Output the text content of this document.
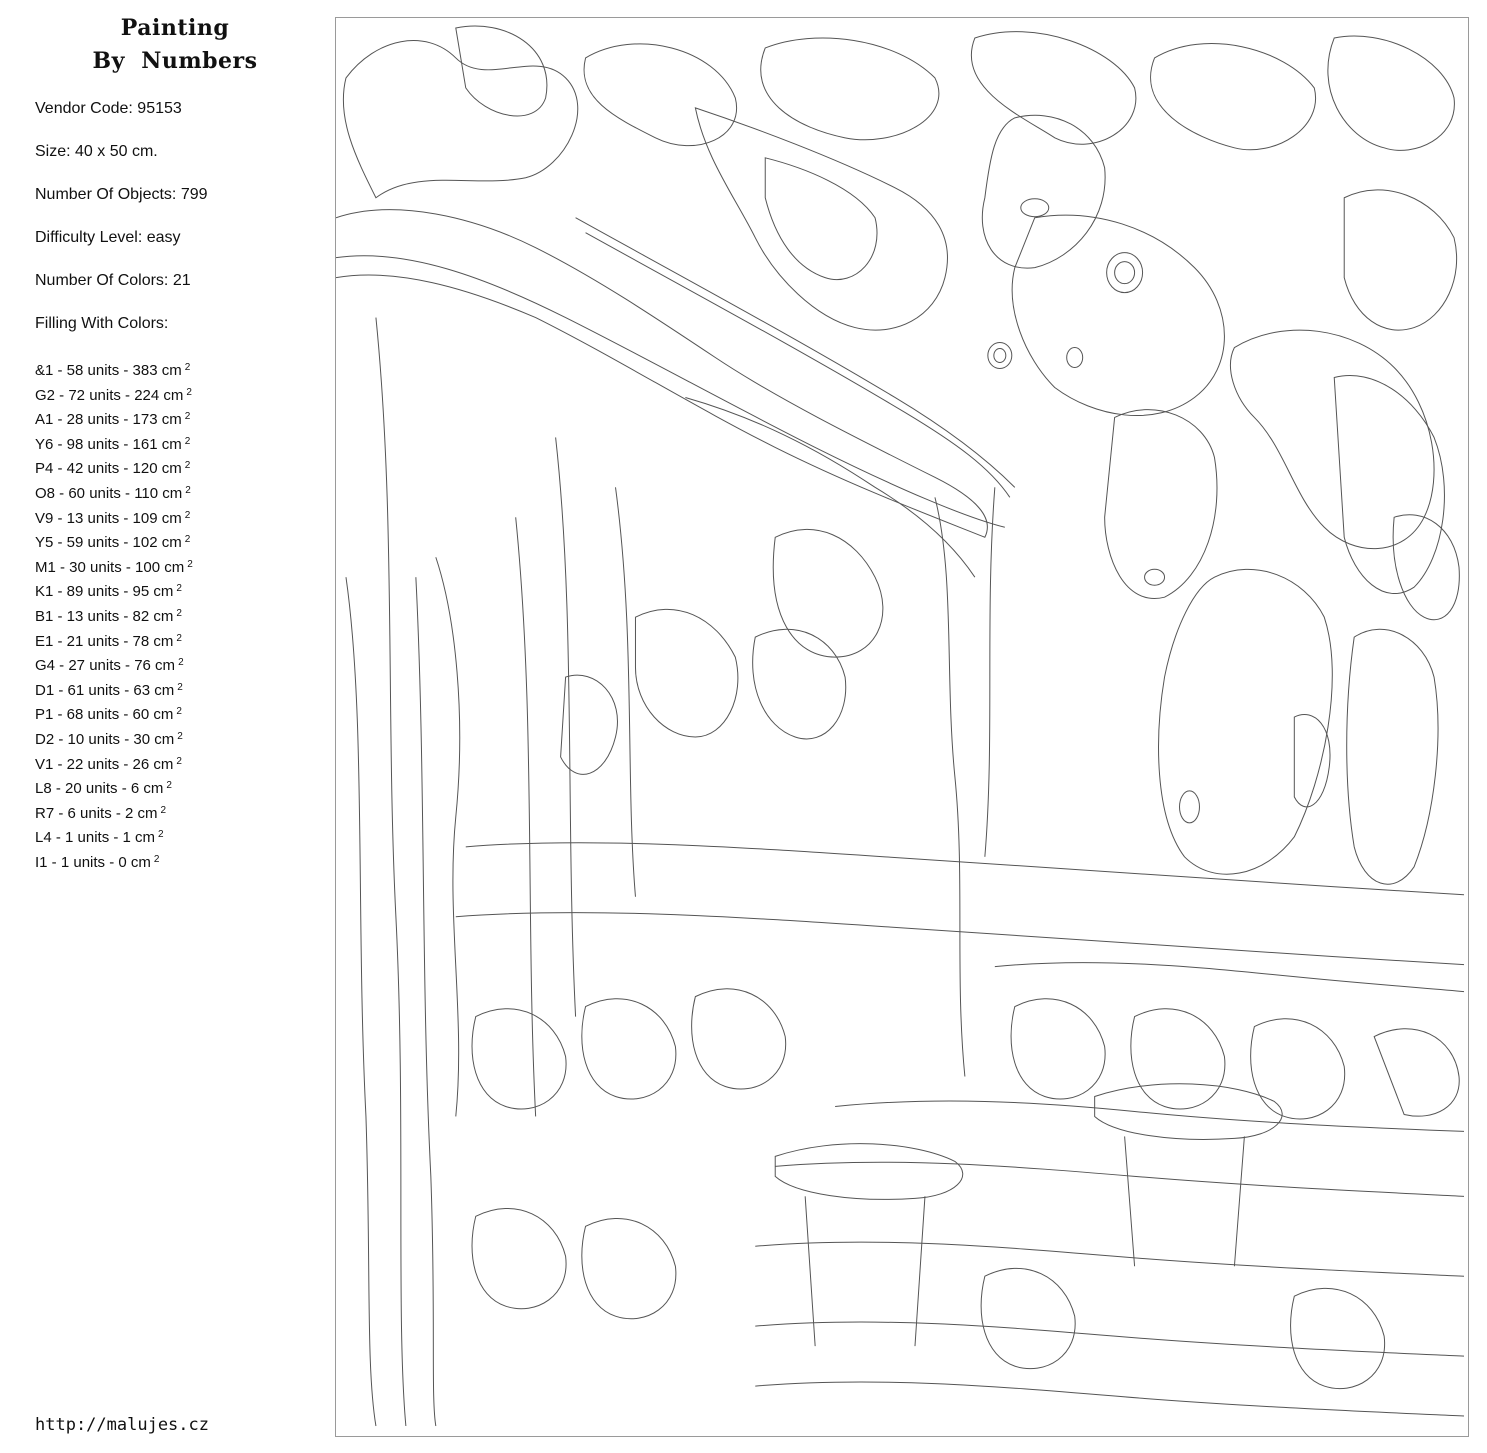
Painting
By  Numbers
Vendor Code: 95153
Size: 40 x 50 cm.
Number Of Objects: 799
Difficulty Level: easy
Number Of Colors: 21
Filling With Colors:
&1 - 58 units - 383 cm $^2$
G2 - 72 units - 224 cm $^2$
A1 - 28 units - 173 cm $^2$
Y6 - 98 units - 161 cm $^2$
P4 - 42 units - 120 cm $^2$
O8 - 60 units - 110 cm $^2$
V9 - 13 units - 109 cm $^2$
Y5 - 59 units - 102 cm $^2$
M1 - 30 units - 100 cm $^2$
K1 - 89 units - 95 cm $^2$
B1 - 13 units - 82 cm $^2$
E1 - 21 units - 78 cm $^2$
G4 - 27 units - 76 cm $^2$
D1 - 61 units - 63 cm $^2$
P1 - 68 units - 60 cm $^2$
D2 - 10 units - 30 cm $^2$
V1 - 22 units - 26 cm $^2$
L8 - 20 units - 6 cm $^2$
R7 - 6 units - 2 cm $^2$
L4 - 1 units - 1 cm $^2$
I1 - 1 units - 0 cm $^2$
http://malujes.cz
